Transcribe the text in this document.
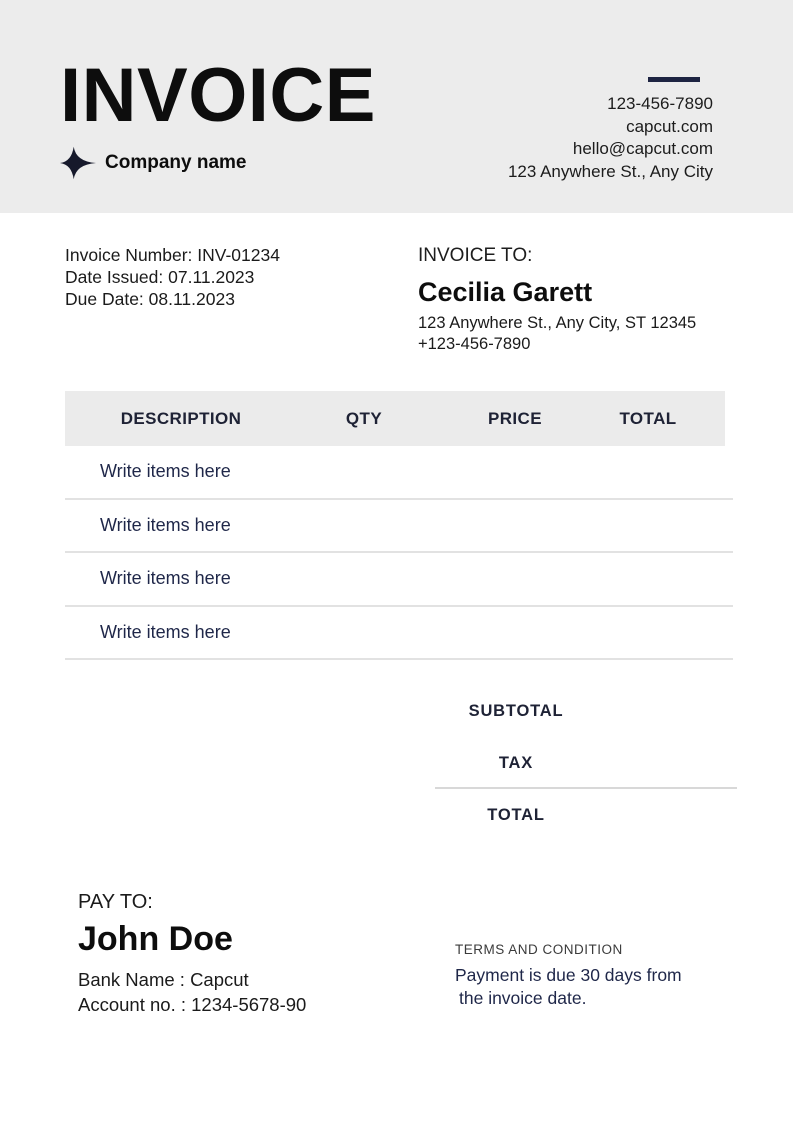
INVOICE
Company name
123-456-7890
capcut.com
hello@capcut.com
123 Anywhere St., Any City
Invoice Number: INV-01234
Date Issued: 07.11.2023
Due Date: 08.11.2023
INVOICE TO:
Cecilia Garett
123 Anywhere St., Any City, ST 12345
+123-456-7890
DESCRIPTION	QTY	PRICE	TOTAL
Write items here
Write items here
Write items here
Write items here
SUBTOTAL
TAX
TOTAL
PAY TO:
John Doe
Bank Name : Capcut
Account no. : 1234-5678-90
TERMS AND CONDITION
Payment is due 30 days from
the invoice date.
